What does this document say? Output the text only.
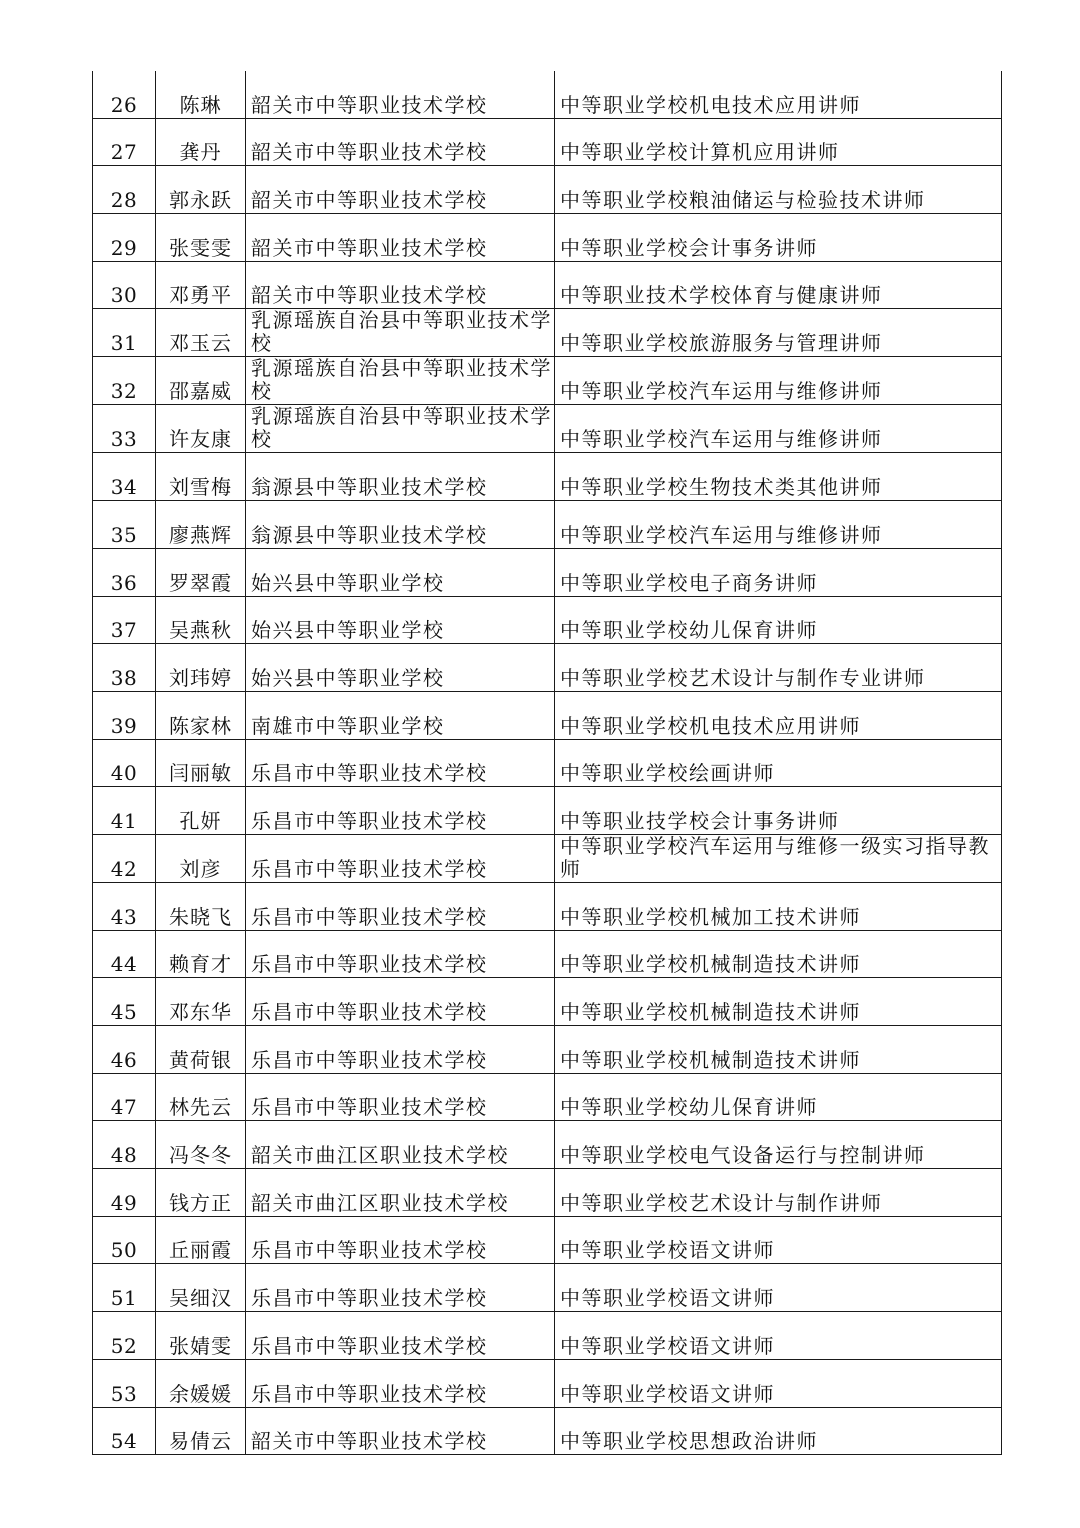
26	陈琳	韶关市中等职业技术学校	中等职业学校机电技术应用讲师

27	龚丹	韶关市中等职业技术学校	中等职业学校计算机应用讲师

28	郭永跃	韶关市中等职业技术学校	中等职业学校粮油储运与检验技术讲师

29	张雯雯	韶关市中等职业技术学校	中等职业学校会计事务讲师

30	邓勇平	韶关市中等职业技术学校	中等职业技术学校体育与健康讲师

31	邓玉云	乳源瑶族自治县中等职业技术学校	中等职业学校旅游服务与管理讲师

32	邵嘉威	乳源瑶族自治县中等职业技术学校	中等职业学校汽车运用与维修讲师

33	许友康	乳源瑶族自治县中等职业技术学校	中等职业学校汽车运用与维修讲师

34	刘雪梅	翁源县中等职业技术学校	中等职业学校生物技术类其他讲师

35	廖燕辉	翁源县中等职业技术学校	中等职业学校汽车运用与维修讲师

36	罗翠霞	始兴县中等职业学校	中等职业学校电子商务讲师

37	吴燕秋	始兴县中等职业学校	中等职业学校幼儿保育讲师

38	刘玮婷	始兴县中等职业学校	中等职业学校艺术设计与制作专业讲师

39	陈家林	南雄市中等职业学校	中等职业学校机电技术应用讲师

40	闫丽敏	乐昌市中等职业技术学校	中等职业学校绘画讲师

41	孔妍	乐昌市中等职业技术学校	中等职业技学校会计事务讲师

42	刘彦	乐昌市中等职业技术学校	中等职业学校汽车运用与维修一级实习指导教师

43	朱晓飞	乐昌市中等职业技术学校	中等职业学校机械加工技术讲师

44	赖育才	乐昌市中等职业技术学校	中等职业学校机械制造技术讲师

45	邓东华	乐昌市中等职业技术学校	中等职业学校机械制造技术讲师

46	黄荷银	乐昌市中等职业技术学校	中等职业学校机械制造技术讲师

47	林先云	乐昌市中等职业技术学校	中等职业学校幼儿保育讲师

48	冯冬冬	韶关市曲江区职业技术学校	中等职业学校电气设备运行与控制讲师

49	钱方正	韶关市曲江区职业技术学校	中等职业学校艺术设计与制作讲师

50	丘丽霞	乐昌市中等职业技术学校	中等职业学校语文讲师

51	吴细汉	乐昌市中等职业技术学校	中等职业学校语文讲师

52	张婧雯	乐昌市中等职业技术学校	中等职业学校语文讲师

53	余媛媛	乐昌市中等职业技术学校	中等职业学校语文讲师

54	易倩云	韶关市中等职业技术学校	中等职业学校思想政治讲师
